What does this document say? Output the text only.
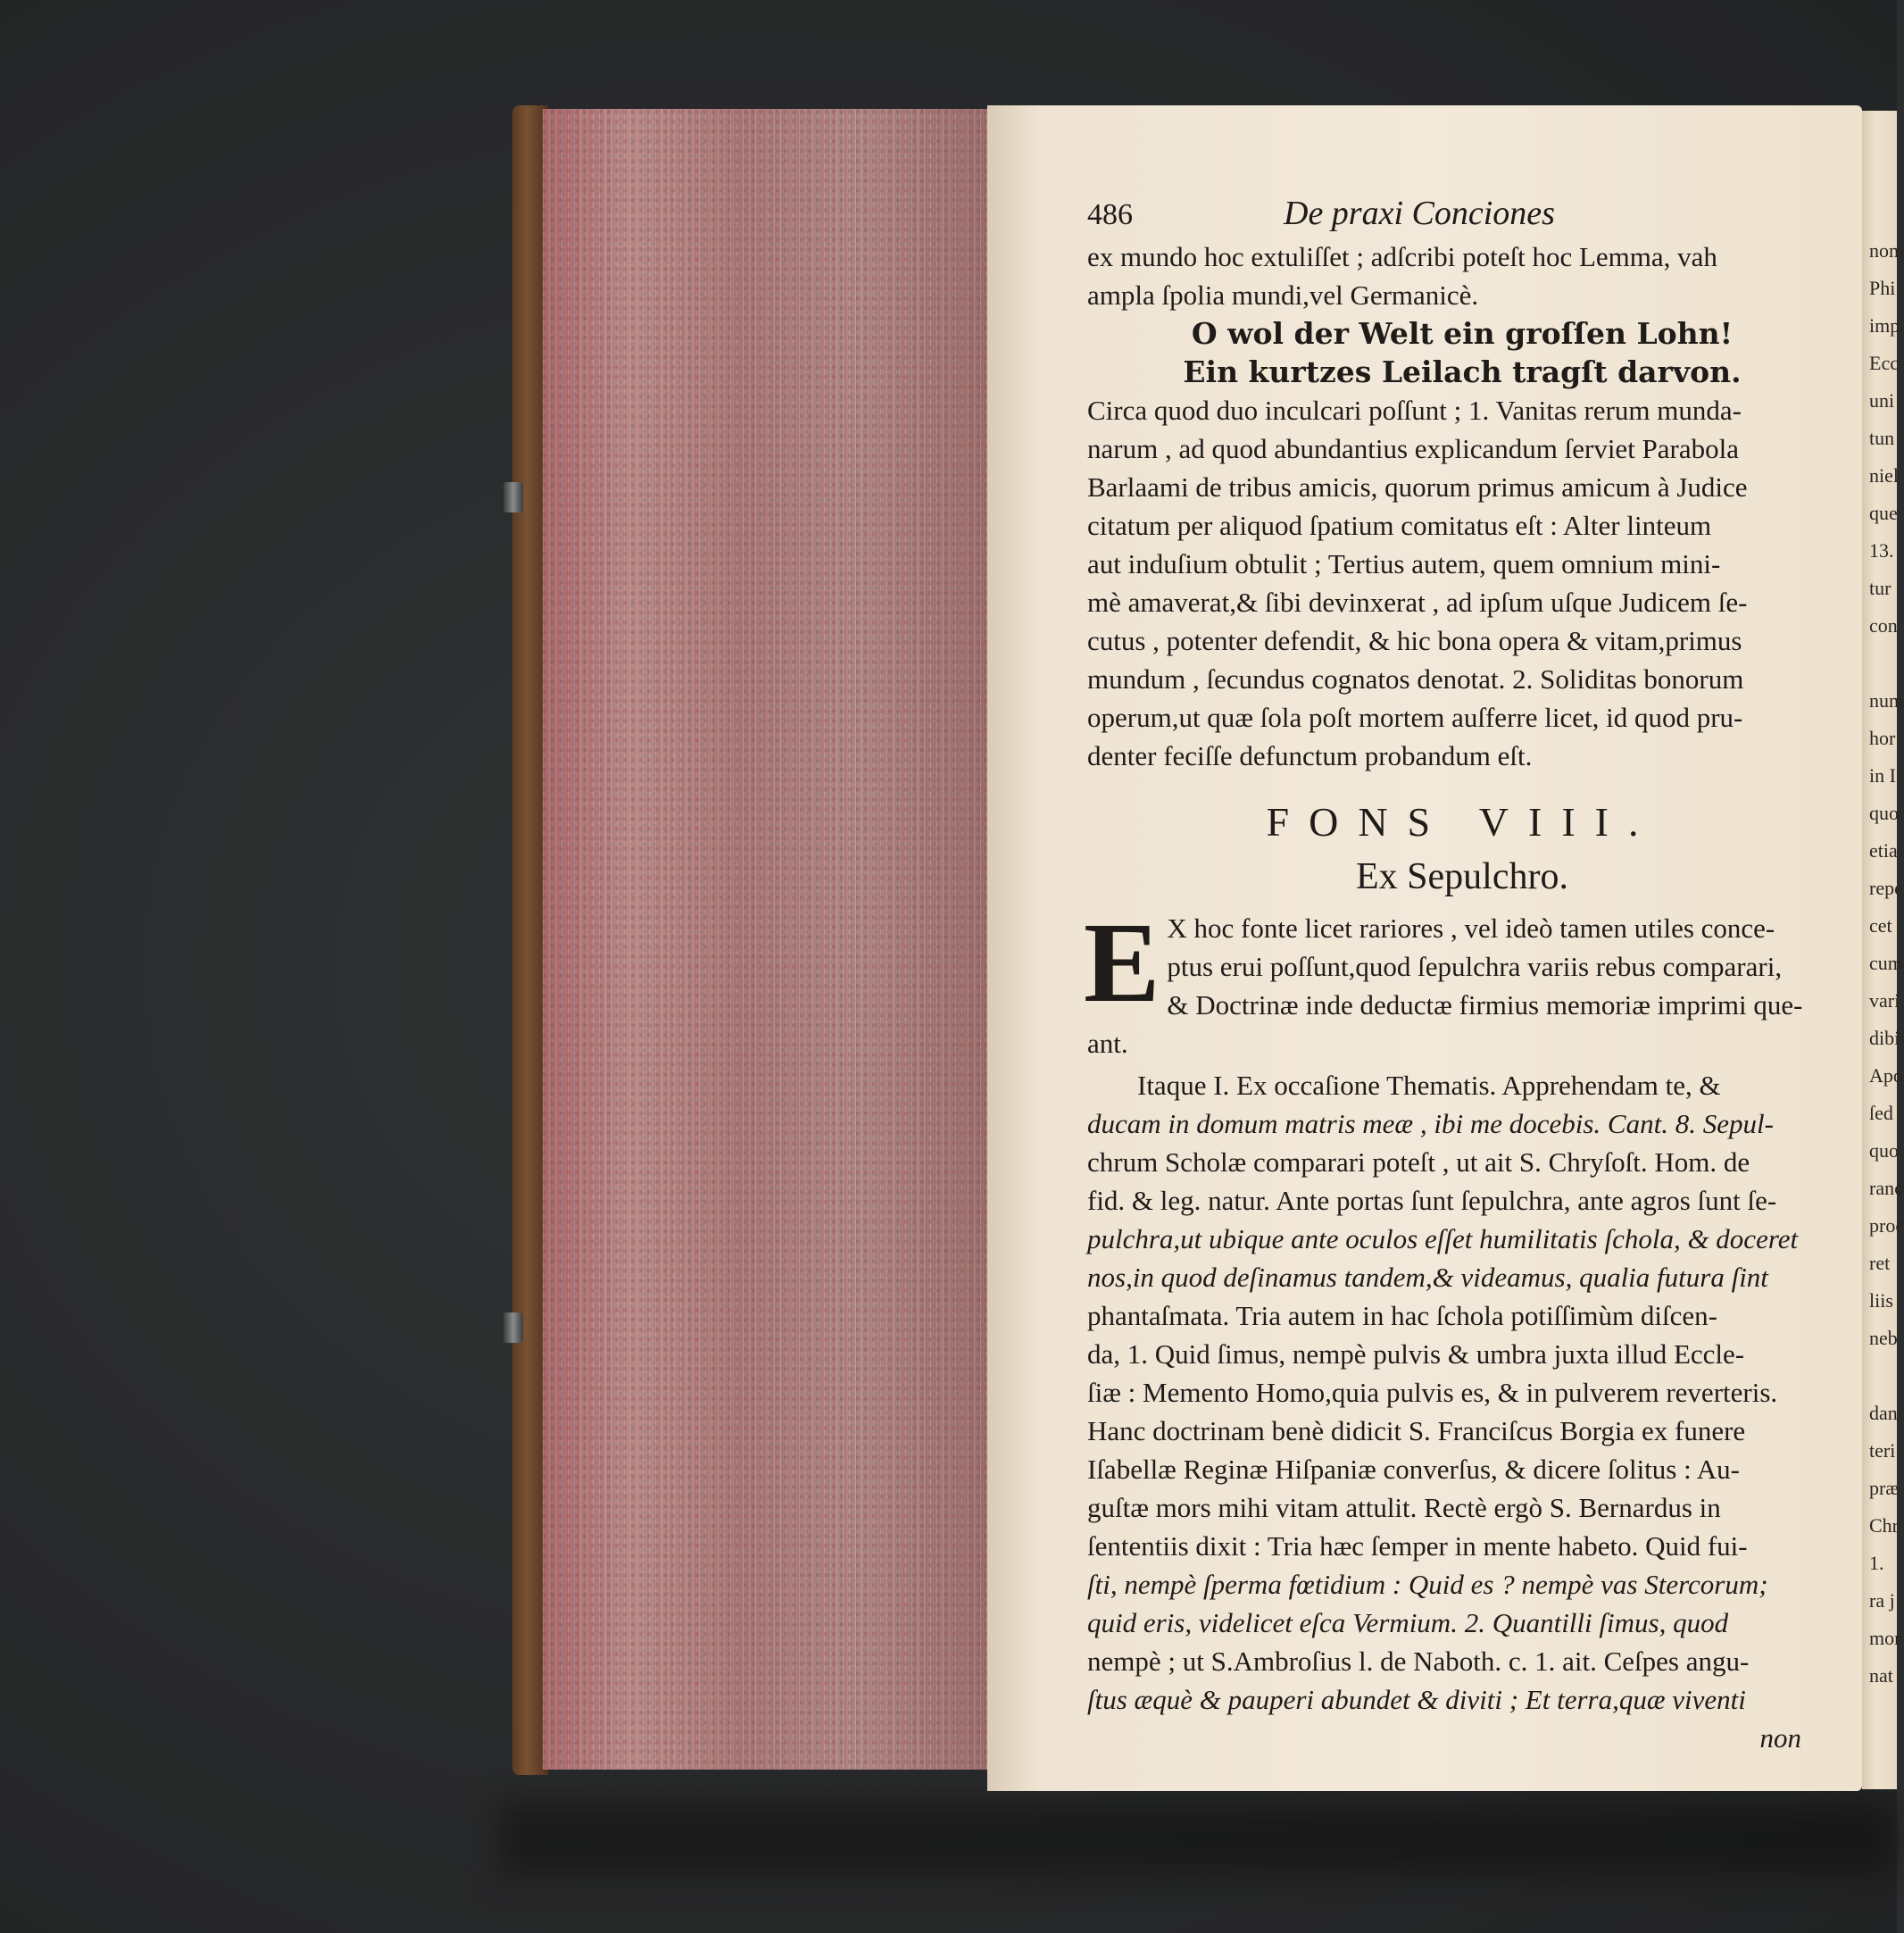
nom
Phi
imp
Ecc
uni
tun
niel
que
13.
tur
con

num
hor
in I
quo
etia
repe
cet
cum
vari
dibi
Apo
ſed
quo
ranc
proc
ret
liis
neb

dan
teri
præ
Chr
1.
ra j
mor
nat
486	De praxi Conciones
ex mundo hoc extuliſſet ; adſcribi poteſt hoc Lemma, vah
ampla ſpolia mundi,vel Germanicè.
O wol der Welt ein groſſen Lohn!
Ein kurtzes Leilach tragſt darvon.
Circa quod duo inculcari poſſunt ; 1. Vanitas rerum munda-
narum , ad quod abundantius explicandum ſerviet Parabola
Barlaami de tribus amicis, quorum primus amicum à Judice
citatum per aliquod ſpatium comitatus eſt : Alter linteum
aut induſium obtulit ; Tertius autem, quem omnium mini-
mè amaverat,& ſibi devinxerat , ad ipſum uſque Judicem ſe-
cutus , potenter defendit, & hic bona opera & vitam,primus
mundum , ſecundus cognatos denotat. 2. Soliditas bonorum
operum,ut quæ ſola poſt mortem auſferre licet, id quod pru-
denter feciſſe defunctum probandum eſt.
FONS VIII.
Ex Sepulchro.
E X hoc fonte licet rariores , vel ideò tamen utiles conce-
ptus erui poſſunt,quod ſepulchra variis rebus comparari,
& Doctrinæ inde deductæ firmius memoriæ imprimi que-
ant.
Itaque I. Ex occaſione Thematis. Apprehendam te, &
ducam in domum matris meæ , ibi me docebis. Cant. 8. Sepul-
chrum Scholæ comparari poteſt , ut ait S. Chryſoſt. Hom. de
fid. & leg. natur. Ante portas ſunt ſepulchra, ante agros ſunt ſe-
pulchra,ut ubique ante oculos eſſet humilitatis ſchola, & doceret
nos,in quod deſinamus tandem,& videamus, qualia futura ſint
phantaſmata. Tria autem in hac ſchola potiſſimùm diſcen-
da, 1. Quid ſimus, nempè pulvis & umbra juxta illud Eccle-
ſiæ : Memento Homo,quia pulvis es, & in pulverem reverteris.
Hanc doctrinam benè didicit S. Franciſcus Borgia ex funere
Iſabellæ Reginæ Hiſpaniæ converſus, & dicere ſolitus : Au-
guſtæ mors mihi vitam attulit. Rectè ergò S. Bernardus in
ſententiis dixit : Tria hæc ſemper in mente habeto. Quid fui-
ſti, nempè ſperma fœtidium : Quid es ? nempè vas Stercorum;
quid eris, videlicet eſca Vermium. 2. Quantilli ſimus, quod
nempè ; ut S.Ambroſius l. de Naboth. c. 1. ait. Ceſpes angu-
ſtus æquè & pauperi abundet & diviti ; Et terra,quæ viventi
non
